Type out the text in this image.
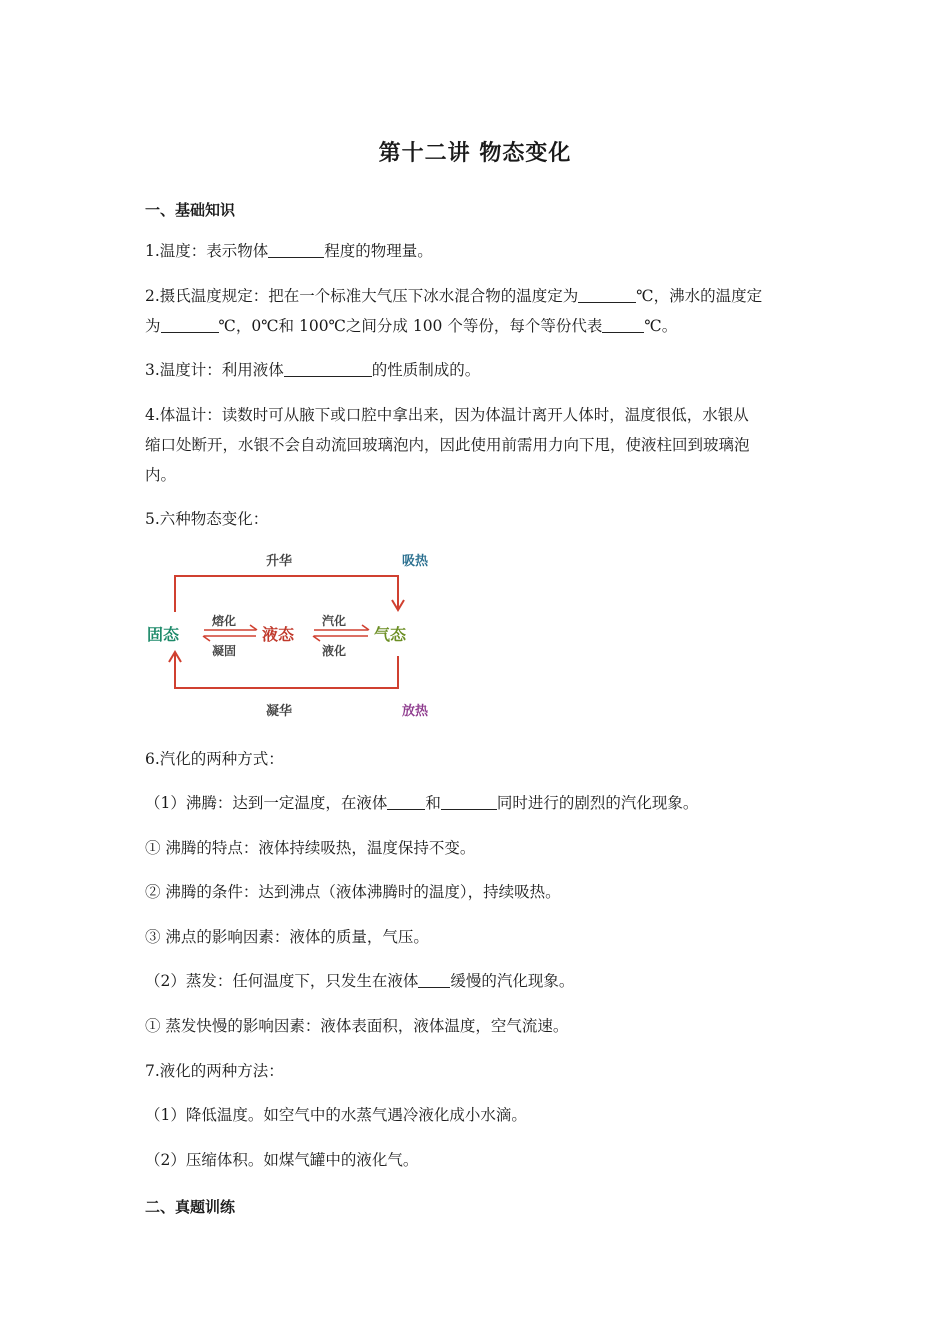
第十二讲 物态变化
一、基础知识
1.温度：表示物体	程度的物理量。
2.摄氏温度规定：把在一个标准大气压下冰水混合物的温度定为	℃，沸水的温度定
为	℃，0℃和 100℃之间分成 100 个等份，每个等份代表	℃。
3.温度计：利用液体	的性质制成的。
4.体温计：读数时可从腋下或口腔中拿出来，因为体温计离开人体时，温度很低，水银从
缩口处断开，水银不会自动流回玻璃泡内，因此使用前需用力向下甩，使液柱回到玻璃泡
内。
5.六种物态变化：
升华	吸热
固态	液态	气态
熔化
凝固
汽化
液化
凝华	放热
6.汽化的两种方式：
（1）沸腾：达到一定温度，在液体 和	同时进行的剧烈的汽化现象。
① 沸腾的特点：液体持续吸热，温度保持不变。
② 沸腾的条件：达到沸点（液体沸腾时的温度），持续吸热。
③ 沸点的影响因素：液体的质量，气压。
（2）蒸发：任何温度下，只发生在液体 缓慢的汽化现象。
① 蒸发快慢的影响因素：液体表面积，液体温度，空气流速。
7.液化的两种方法：
（1）降低温度。如空气中的水蒸气遇冷液化成小水滴。
（2）压缩体积。如煤气罐中的液化气。
二、真题训练
